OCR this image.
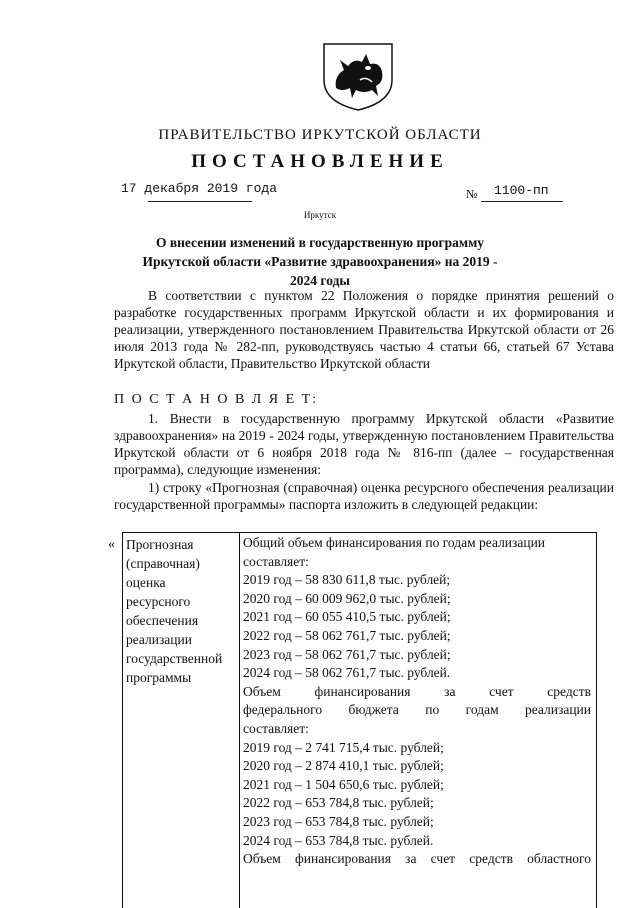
ПРАВИТЕЛЬСТВО ИРКУТСКОЙ ОБЛАСТИ
ПОСТАНОВЛЕНИЕ
17 декабря 2019 года	№ 1100-пп
Иркутск
О внесении изменений в государственную программу Иркутской области «Развитие здравоохранения» на 2019 - 2024 годы

В соответствии с пунктом 22 Положения о порядке принятия решений о разработке государственных программ Иркутской области и их формирования и реализации, утвержденного постановлением Правительства Иркутской области от 26 июля 2013 года № 282-пп, руководствуясь частью 4 статьи 66, статьей 67 Устава Иркутской области, Правительство Иркутской области

П О С Т А Н О В Л Я Е Т:

1. Внести в государственную программу Иркутской области «Развитие здравоохранения» на 2019 - 2024 годы, утвержденную постановлением Правительства Иркутской области от 6 ноября 2018 года № 816-пп (далее – государственная программа), следующие изменения:

1) строку «Прогнозная (справочная) оценка ресурсного обеспечения реализации государственной программы» паспорта изложить в следующей редакции:

« Прогнозная
(справочная)
оценка
ресурсного
обеспечения
реализации
государственной
программы
Общий объем финансирования по годам реализации
составляет:
2019 год – 58 830 611,8 тыс. рублей;
2020 год – 60 009 962,0 тыс. рублей;
2021 год – 60 055 410,5 тыс. рублей;
2022 год – 58 062 761,7 тыс. рублей;
2023 год – 58 062 761,7 тыс. рублей;
2024 год – 58 062 761,7 тыс. рублей.
Объем финансирования за счет средств
федерального бюджета по годам реализации
составляет:
2019 год – 2 741 715,4 тыс. рублей;
2020 год – 2 874 410,1 тыс. рублей;
2021 год – 1 504 650,6 тыс. рублей;
2022 год – 653 784,8 тыс. рублей;
2023 год – 653 784,8 тыс. рублей;
2024 год – 653 784,8 тыс. рублей.
Объем финансирования за счет средств областного
